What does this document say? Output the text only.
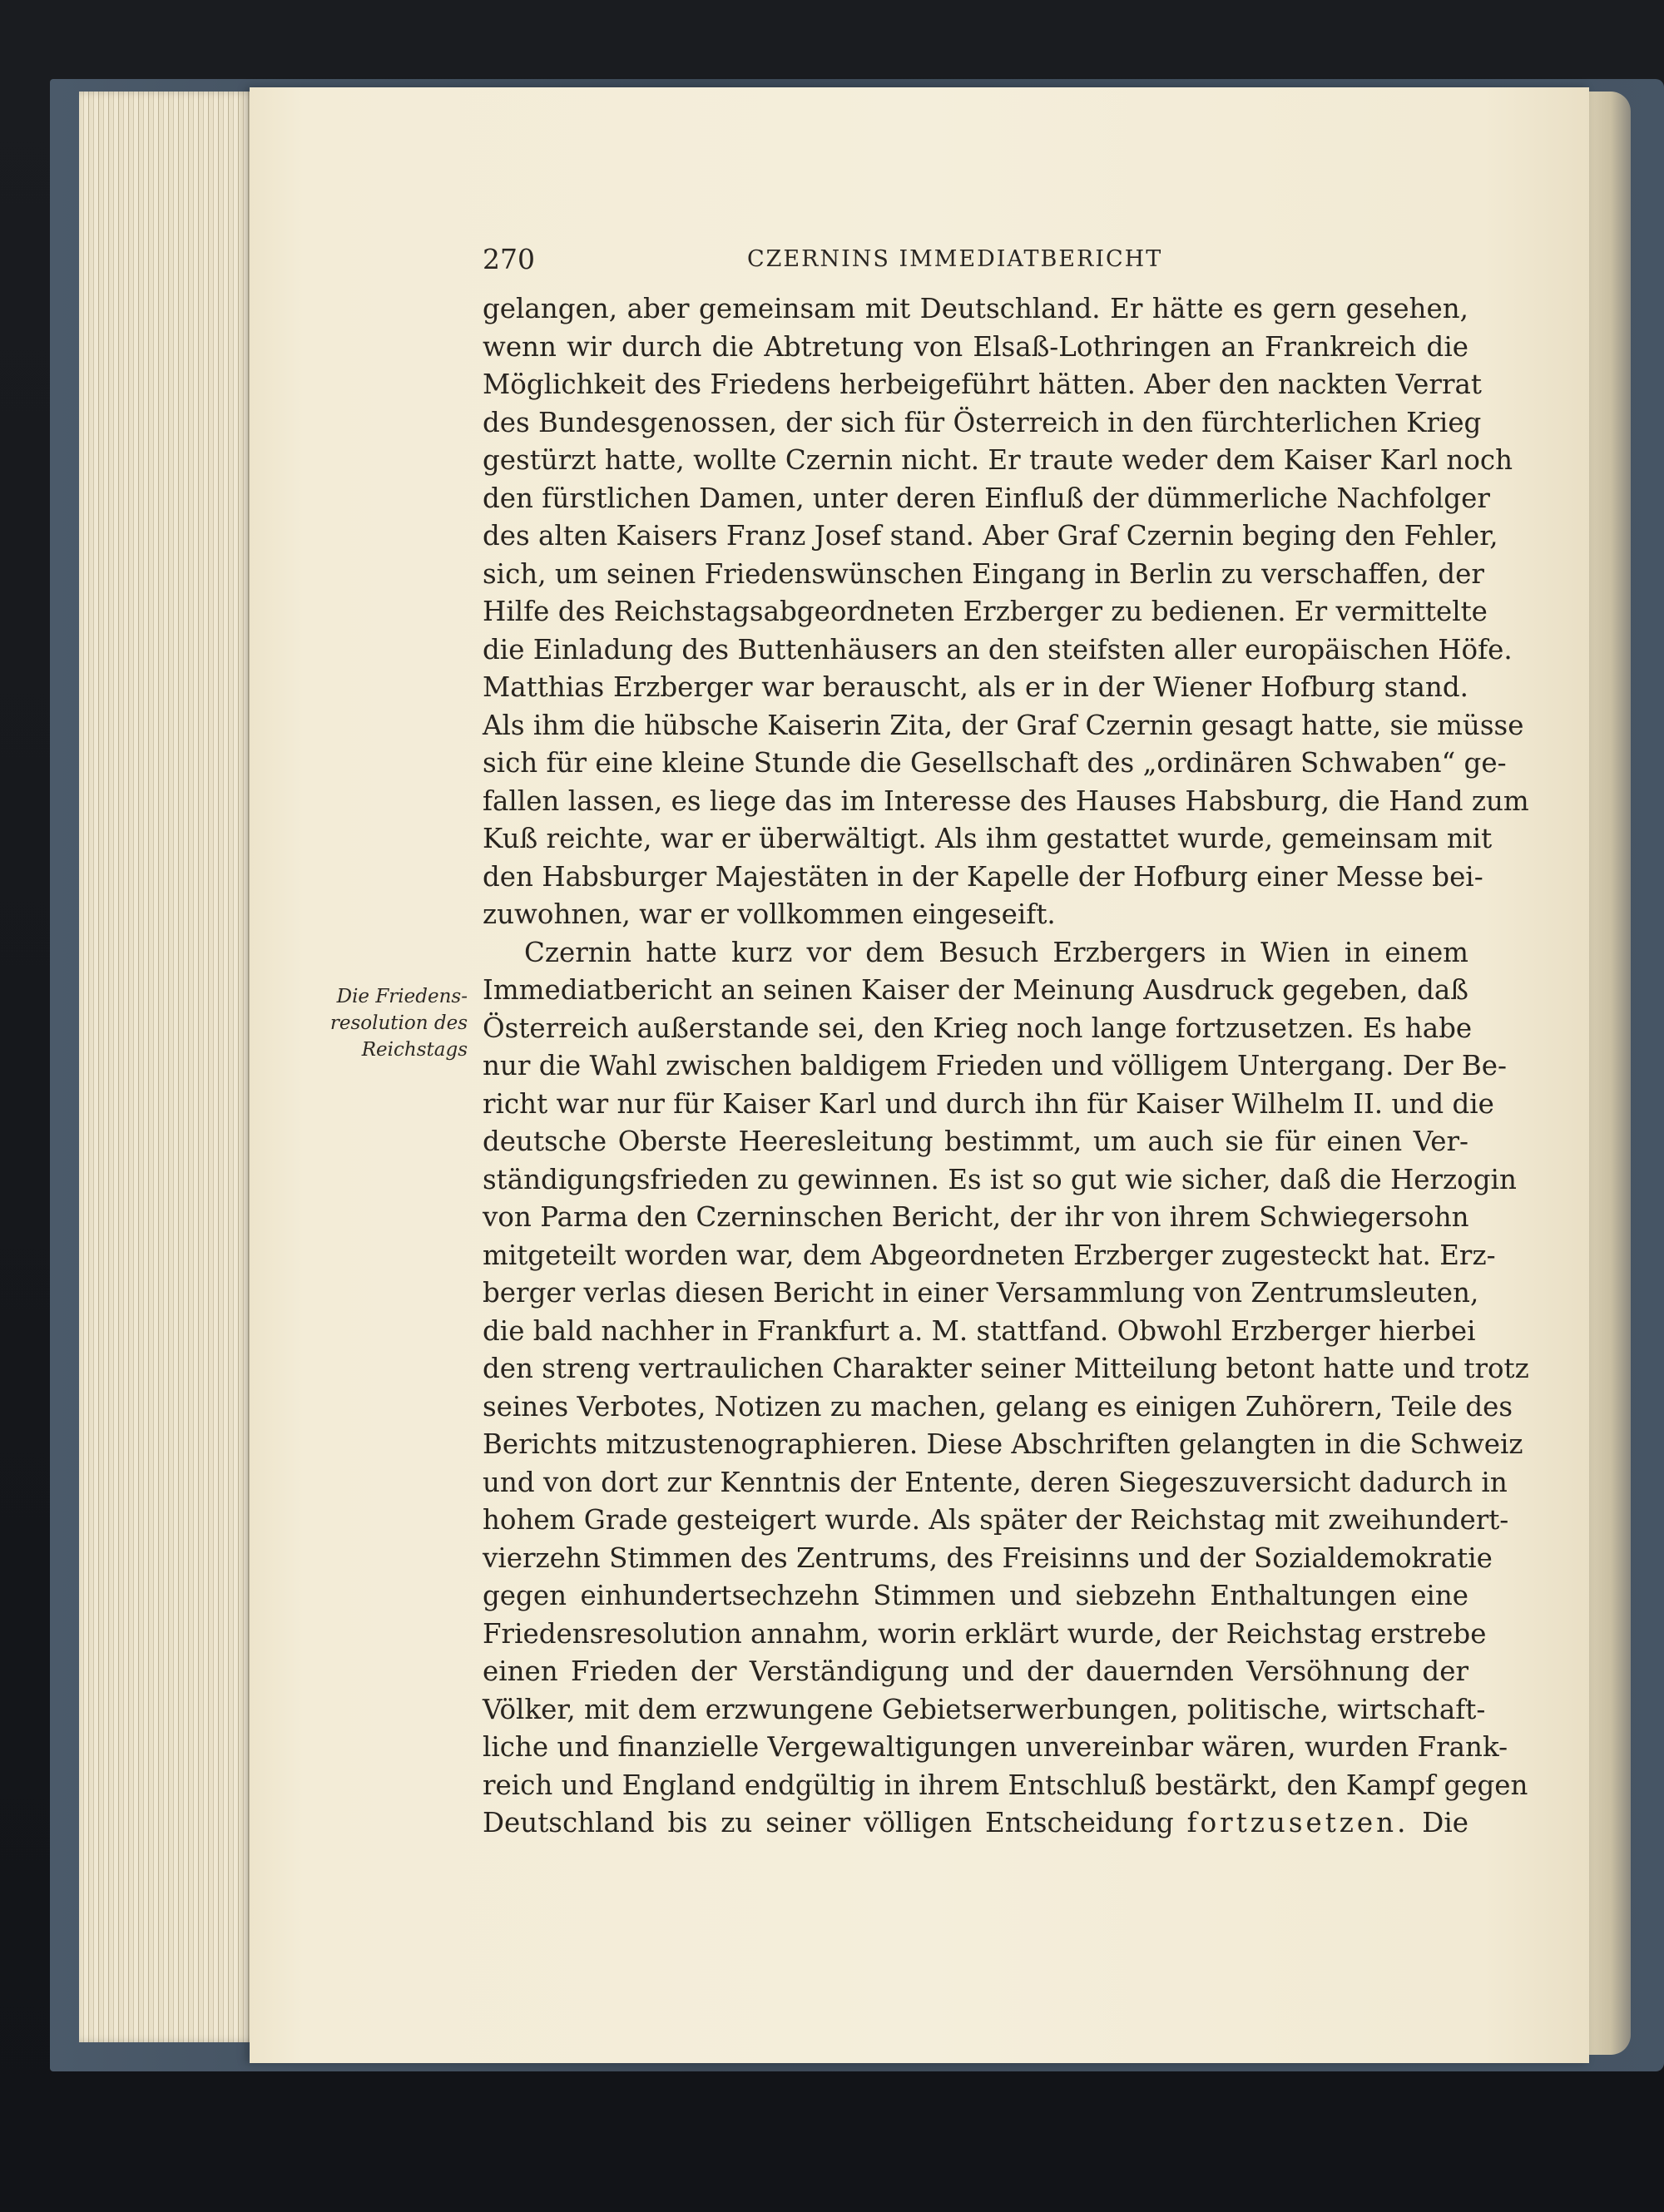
270	CZERNINS IMMEDIATBERICHT
Die Friedens-
resolution des
Reichstags
gelangen, aber gemeinsam mit Deutschland. Er hätte es gern gesehen,
wenn wir durch die Abtretung von Elsaß-Lothringen an Frankreich die
Möglichkeit des Friedens herbeigeführt hätten. Aber den nackten Verrat
des Bundesgenossen, der sich für Österreich in den fürchterlichen Krieg
gestürzt hatte, wollte Czernin nicht. Er traute weder dem Kaiser Karl noch
den fürstlichen Damen, unter deren Einfluß der dümmerliche Nachfolger
des alten Kaisers Franz Josef stand. Aber Graf Czernin beging den Fehler,
sich, um seinen Friedenswünschen Eingang in Berlin zu verschaffen, der
Hilfe des Reichstagsabgeordneten Erzberger zu bedienen. Er vermittelte
die Einladung des Buttenhäusers an den steifsten aller europäischen Höfe.
Matthias Erzberger war berauscht, als er in der Wiener Hofburg stand.
Als ihm die hübsche Kaiserin Zita, der Graf Czernin gesagt hatte, sie müsse
sich für eine kleine Stunde die Gesellschaft des „ordinären Schwaben“ ge-
fallen lassen, es liege das im Interesse des Hauses Habsburg, die Hand zum
Kuß reichte, war er überwältigt. Als ihm gestattet wurde, gemeinsam mit
den Habsburger Majestäten in der Kapelle der Hofburg einer Messe bei-
zuwohnen, war er vollkommen eingeseift.
Czernin hatte kurz vor dem Besuch Erzbergers in Wien in einem
Immediatbericht an seinen Kaiser der Meinung Ausdruck gegeben, daß
Österreich außerstande sei, den Krieg noch lange fortzusetzen. Es habe
nur die Wahl zwischen baldigem Frieden und völligem Untergang. Der Be-
richt war nur für Kaiser Karl und durch ihn für Kaiser Wilhelm II. und die
deutsche Oberste Heeresleitung bestimmt, um auch sie für einen Ver-
ständigungsfrieden zu gewinnen. Es ist so gut wie sicher, daß die Herzogin
von Parma den Czerninschen Bericht, der ihr von ihrem Schwiegersohn
mitgeteilt worden war, dem Abgeordneten Erzberger zugesteckt hat. Erz-
berger verlas diesen Bericht in einer Versammlung von Zentrumsleuten,
die bald nachher in Frankfurt a. M. stattfand. Obwohl Erzberger hierbei
den streng vertraulichen Charakter seiner Mitteilung betont hatte und trotz
seines Verbotes, Notizen zu machen, gelang es einigen Zuhörern, Teile des
Berichts mitzustenographieren. Diese Abschriften gelangten in die Schweiz
und von dort zur Kenntnis der Entente, deren Siegeszuversicht dadurch in
hohem Grade gesteigert wurde. Als später der Reichstag mit zweihundert-
vierzehn Stimmen des Zentrums, des Freisinns und der Sozialdemokratie
gegen einhundertsechzehn Stimmen und siebzehn Enthaltungen eine
Friedensresolution annahm, worin erklärt wurde, der Reichstag erstrebe
einen Frieden der Verständigung und der dauernden Versöhnung der
Völker, mit dem erzwungene Gebietserwerbungen, politische, wirtschaft-
liche und finanzielle Vergewaltigungen unvereinbar wären, wurden Frank-
reich und England endgültig in ihrem Entschluß bestärkt, den Kampf gegen
Deutschland bis zu seiner völligen Entscheidung fortzusetzen. Die
